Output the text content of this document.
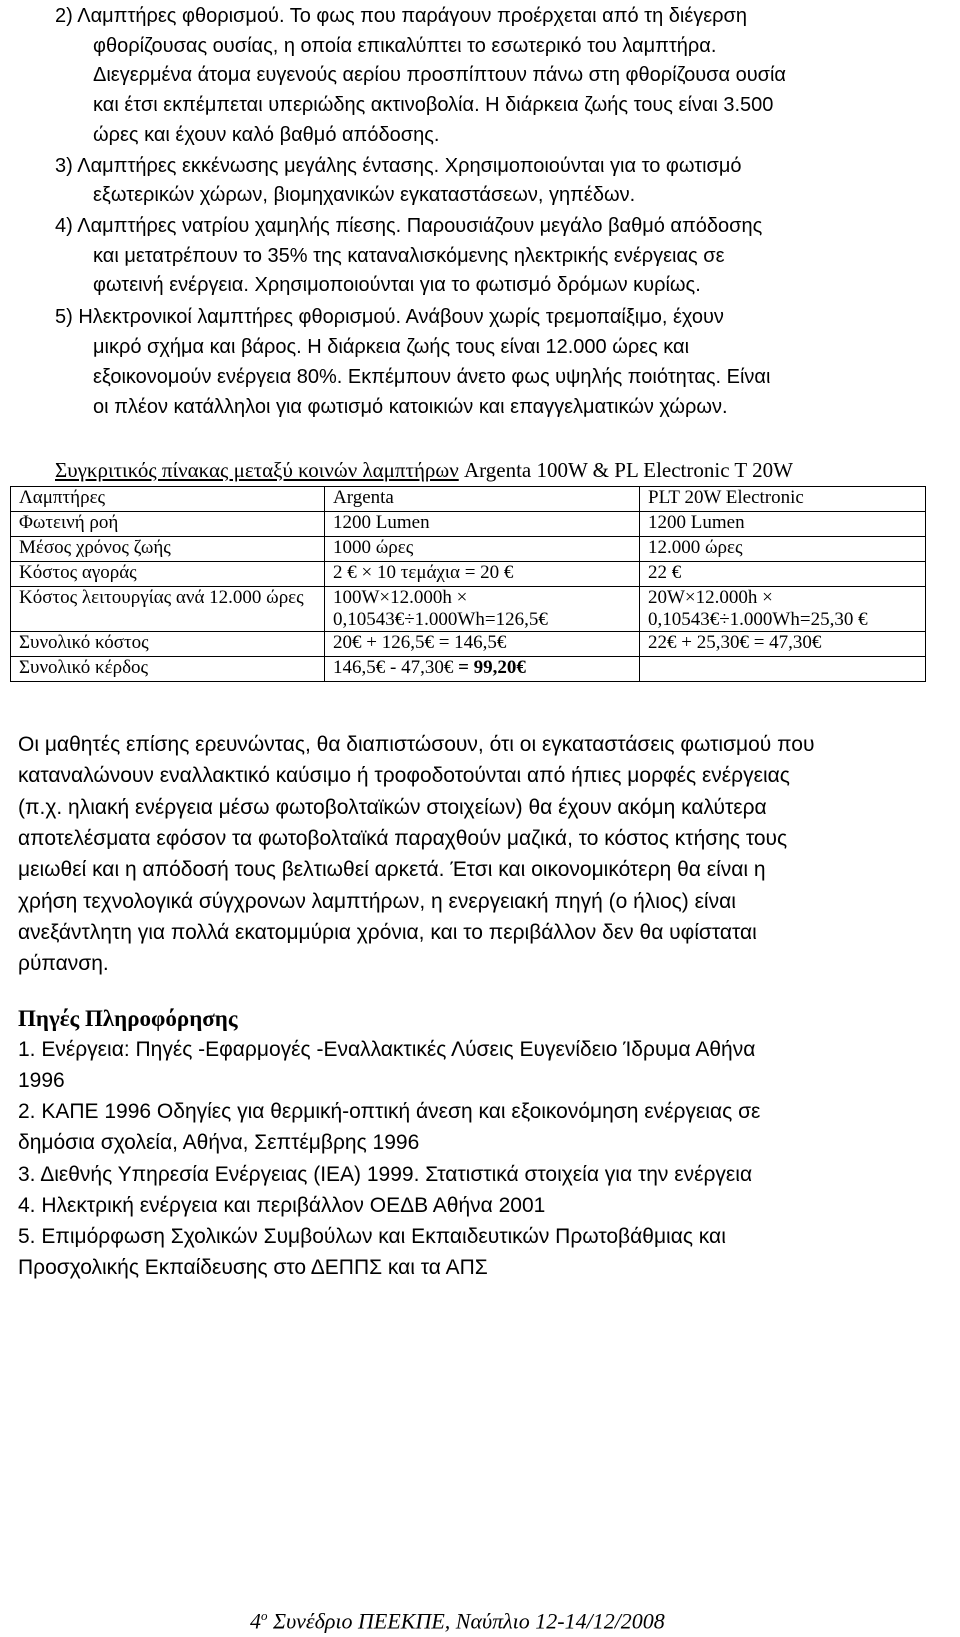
2) Λαμπτήρες φθορισμού. Το φως που παράγουν προέρχεται από τη διέγερση
φθορίζουσας ουσίας, η οποία επικαλύπτει το εσωτερικό του λαμπτήρα.
Διεγερμένα άτομα ευγενούς αερίου προσπίπτουν πάνω στη φθορίζουσα ουσία
και έτσι εκπέμπεται υπεριώδης ακτινοβολία. Η διάρκεια ζωής τους είναι 3.500
ώρες και έχουν καλό βαθμό απόδοσης.
3) Λαμπτήρες εκκένωσης μεγάλης έντασης. Χρησιμοποιούνται για το φωτισμό
εξωτερικών χώρων, βιομηχανικών εγκαταστάσεων, γηπέδων.
4) Λαμπτήρες νατρίου χαμηλής πίεσης. Παρουσιάζουν μεγάλο βαθμό απόδοσης
και μετατρέπουν το 35% της καταναλισκόμενης ηλεκτρικής ενέργειας σε
φωτεινή ενέργεια. Χρησιμοποιούνται για το φωτισμό δρόμων κυρίως.
5) Ηλεκτρονικοί λαμπτήρες φθορισμού. Ανάβουν χωρίς τρεμοπαίξιμο, έχουν
μικρό σχήμα και βάρος. Η διάρκεια ζωής τους είναι 12.000 ώρες και
εξοικονομούν ενέργεια 80%. Εκπέμπουν άνετο φως υψηλής ποιότητας. Είναι
οι πλέον κατάλληλοι για φωτισμό κατοικιών και επαγγελματικών χώρων.
Συγκριτικός πίνακας μεταξύ κοινών λαμπτήρων Argenta 100W & PL Electronic T 20W
Λαμπτήρες	Argenta	PLT 20W Electronic
Φωτεινή ροή	1200 Lumen	1200 Lumen
Μέσος χρόνος ζωής	1000 ώρες	12.000 ώρες
Κόστος αγοράς	2 € × 10 τεμάχια = 20 €	22 €
Κόστος λειτουργίας ανά 12.000 ώρες	100W×12.000h × 0,10543€÷1.000Wh=126,5€	20W×12.000h × 0,10543€÷1.000Wh=25,30 €
Συνολικό κόστος	20€ + 126,5€ = 146,5€	22€ + 25,30€ = 47,30€
Συνολικό κέρδος	146,5€ - 47,30€ = 99,20€	
Οι μαθητές επίσης ερευνώντας, θα διαπιστώσουν, ότι οι εγκαταστάσεις φωτισμού που
καταναλώνουν εναλλακτικό καύσιμο ή τροφοδοτούνται από ήπιες μορφές ενέργειας
(π.χ. ηλιακή ενέργεια μέσω φωτοβολταϊκών στοιχείων) θα έχουν ακόμη καλύτερα
αποτελέσματα εφόσον τα φωτοβολταϊκά παραχθούν μαζικά, το κόστος κτήσης τους
μειωθεί και η απόδοσή τους βελτιωθεί αρκετά. Έτσι και οικονομικότερη θα είναι η
χρήση τεχνολογικά σύγχρονων λαμπτήρων, η ενεργειακή πηγή (ο ήλιος) είναι
ανεξάντλητη για πολλά εκατομμύρια χρόνια, και το περιβάλλον δεν θα υφίσταται
ρύπανση.
Πηγές Πληροφόρησης
1. Ενέργεια: Πηγές -Εφαρμογές -Εναλλακτικές Λύσεις Ευγενίδειο Ίδρυμα Αθήνα
1996
2. ΚΑΠΕ 1996 Οδηγίες για θερμική-οπτική άνεση και εξοικονόμηση ενέργειας σε
δημόσια σχολεία, Αθήνα, Σεπτέμβρης 1996
3. Διεθνής Υπηρεσία Ενέργειας (ΙΕΑ) 1999. Στατιστικά στοιχεία για την ενέργεια
4. Ηλεκτρική ενέργεια και περιβάλλον ΟΕΔΒ Αθήνα 2001
5. Επιμόρφωση Σχολικών Συμβούλων και Εκπαιδευτικών Πρωτοβάθμιας και
Προσχολικής Εκπαίδευσης στο ΔΕΠΠΣ και τα ΑΠΣ
$4^o$ Συνέδριο ΠΕΕΚΠΕ, Ναύπλιο 12-14/12/2008
